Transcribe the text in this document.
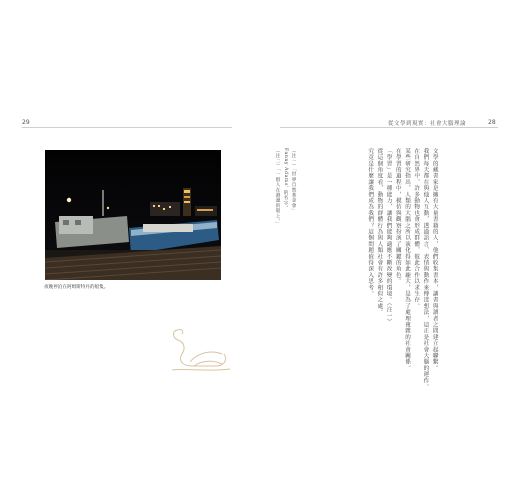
29
夜晚停泊在阿姆斯特丹的船隻。
從文學到現實：社會大腦理論	28
（注一）「世界自然基金會」
Fanny Adams' 的名字。
（注二）「一群人在港邊的船上。」	文學的藏書家是擁有大量書籍的人，他們收集書本，讓書與讀者之間建立起聯繫。
我們每天都在與他人互動，透過語言、表情與動作來傳達想法，這正是社會大腦的運作。
在自然界中，許多動物也會形成群體，彼此合作以求生存。
某些研究指出，人類的大腦之所以演化得如此龐大，是為了處理複雜的社會關係。
在學習的過程中，模仿與觀察扮演了關鍵的角色。
「學習」是一種能力，讓我們能夠適應不斷改變的環境。（注一）
從這個角度看，動物的群體行為與人類社會有許多相似之處。
究竟是什麼讓我們成為我們？這個問題值得深入思考。
